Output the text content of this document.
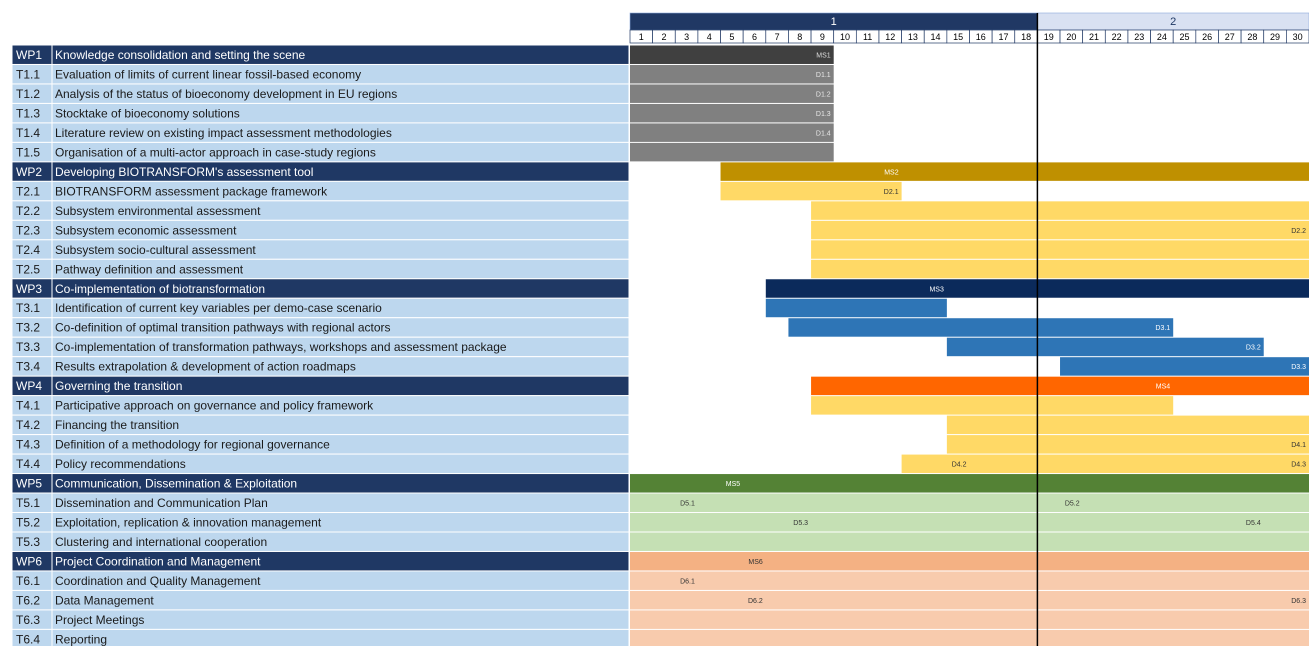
1	2
1 2 3 4 5 6 7 8 9 10 11 12 13 14 15 16 17 18 19 20 21 22 23 24 25 26 27 28 29 30
WP1 Knowledge consolidation and setting the scene	MS1
T1.1 Evaluation of limits of current linear fossil-based economy	D1.1
T1.2 Analysis of the status of bioeconomy development in EU regions	D1.2
T1.3 Stocktake of bioeconomy solutions	D1.3
T1.4 Literature review on existing impact assessment methodologies	D1.4
T1.5 Organisation of a multi-actor approach in case-study regions
WP2 Developing BIOTRANSFORM's assessment tool	MS2
T2.1 BIOTRANSFORM assessment package framework	D2.1
T2.2 Subsystem environmental assessment
T2.3 Subsystem economic assessment	D2.2
T2.4 Subsystem socio-cultural assessment
T2.5 Pathway definition and assessment
WP3 Co-implementation of biotransformation	MS3
T3.1 Identification of current key variables per demo-case scenario
T3.2 Co-definition of optimal transition pathways with regional actors	D3.1
T3.3 Co-implementation of transformation pathways, workshops and assessment package	D3.2
T3.4 Results extrapolation & development of action roadmaps	D3.3
WP4 Governing the transition	MS4
T4.1 Participative approach on governance and policy framework
T4.2 Financing the transition
T4.3 Definition of a methodology for regional governance	D4.1
T4.4 Policy recommendations	D4.2	D4.3
WP5 Communication, Dissemination & Exploitation	MS5
T5.1 Dissemination and Communication Plan	D5.1	D5.2
T5.2 Exploitation, replication & innovation management	D5.3	D5.4
T5.3 Clustering and international cooperation
WP6 Project Coordination and Management	MS6
T6.1 Coordination and Quality Management	D6.1
T6.2 Data Management	D6.2	D6.3
T6.3 Project Meetings
T6.4 Reporting
